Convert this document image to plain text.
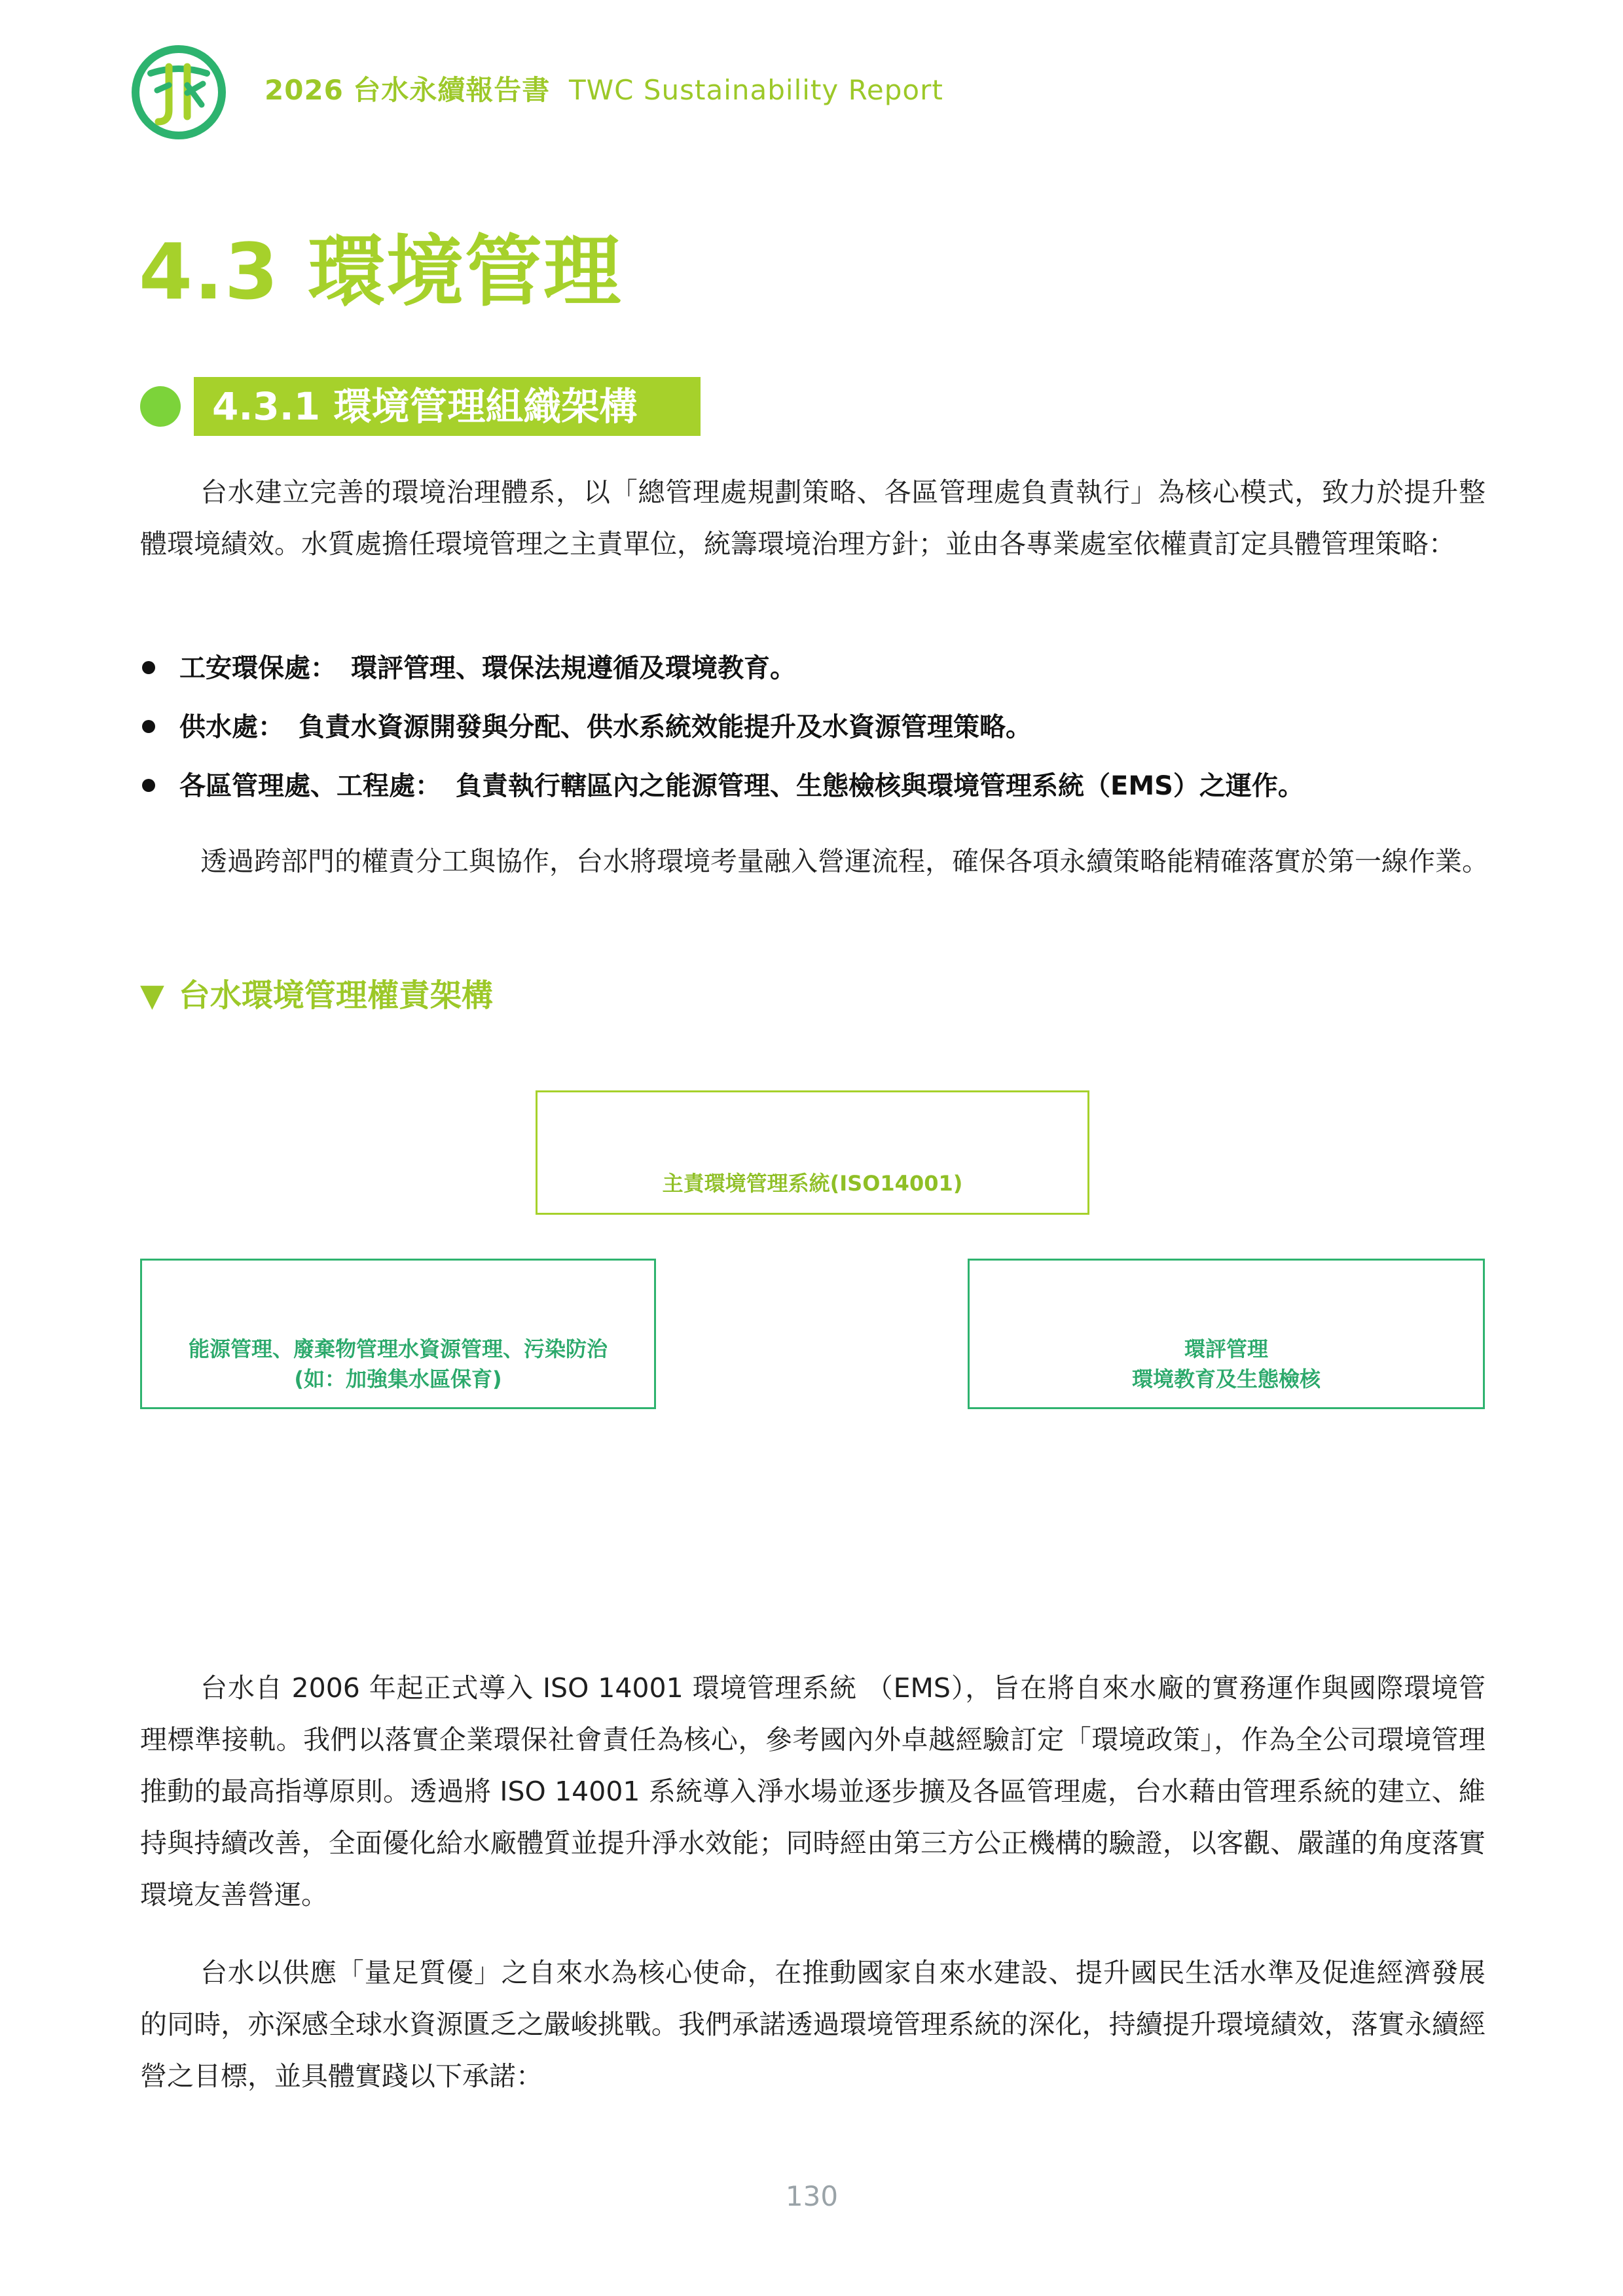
2026 台水永續報告書 TWC Sustainability Report
4.3 環境管理
4.3.1 環境管理組織架構

台水建立完善的環境治理體系，以「總管理處規劃策略、各區管理處負責執行」為核心模式，致力於提升整體環境績效。水質處擔任環境管理之主責單位，統籌環境治理方針；並由各專業處室依權責訂定具體管理策略：

工安環保處： 環評管理、環保法規遵循及環境教育。
供水處： 負責水資源開發與分配、供水系統效能提升及水資源管理策略。
各區管理處、工程處： 負責執行轄區內之能源管理、生態檢核與環境管理系統（EMS）之運作。

透過跨部門的權責分工與協作，台水將環境考量融入營運流程，確保各項永續策略能精確落實於第一線作業。

▼ 台水環境管理權責架構
主責環境管理系統(ISO14001)
能源管理、廢棄物管理水資源管理、污染防治
(如：加強集水區保育)
環評管理
環境教育及生態檢核

台水自 2006 年起正式導入 ISO 14001 環境管理系統 （EMS），旨在將自來水廠的實務運作與國際環境管理標準接軌。我們以落實企業環保社會責任為核心，參考國內外卓越經驗訂定「環境政策」，作為全公司環境管理推動的最高指導原則。透過將 ISO 14001 系統導入淨水場並逐步擴及各區管理處，台水藉由管理系統的建立、維持與持續改善，全面優化給水廠體質並提升淨水效能；同時經由第三方公正機構的驗證，以客觀、嚴謹的角度落實環境友善營運。

台水以供應「量足質優」之自來水為核心使命，在推動國家自來水建設、提升國民生活水準及促進經濟發展的同時，亦深感全球水資源匱乏之嚴峻挑戰。我們承諾透過環境管理系統的深化，持續提升環境績效，落實永續經營之目標，並具體實踐以下承諾：

130
